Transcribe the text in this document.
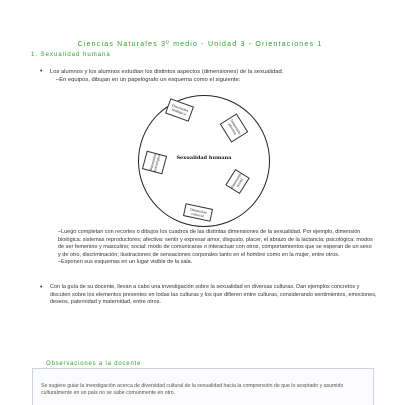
Ciencias Naturales 3º medio - Unidad 3 - Orientaciones 1
1. Sexualidad humana
• Los alumnos y los alumnos estudian los distintos aspectos (dimensiones) de la sexualidad.
–En equipos, dibujan en un papelógrafo un esquema como el siguiente:
Sexualidad humana
Dimensión biológica
Dimensión afectiva
Dimensión psicológica
Dimensión social
Dimensión cultural

–Luego completan con recortes o dibujos los cuadros de las distintas dimensiones de la sexualidad. Por ejemplo, dimensión biológica: sistemas reproductores; afectiva: sentir y expresar amor, disgusto, placer, el abrazo de la lactancia; psicológica: modos de ser femenino y masculino; social: modo de comunicarse o interactuar con otros, comportamientos que se esperan de un sexo y de otro, discriminación; ilustraciones de sensaciones corporales tanto en el hombre como en la mujer, entre otros.

–Exponen sus esquemas en un lugar visible de la sala.

• Con la guía de su docente, llevan a cabo una investigación sobre la sexualidad en diversas culturas. Dan ejemplos concretos y discuten sobre los elementos presentes en todas las culturas y los que difieren entre culturas, considerando sentimientos, emociones, deseos, paternidad y maternidad, entre otros.
Observaciones a la docente
Se sugiere guiar la investigación acerca de diversidad cultural de la sexualidad hacia la comprensión de que lo aceptado y asumido culturalmente en un país no se sabe comúnmente en otro.
